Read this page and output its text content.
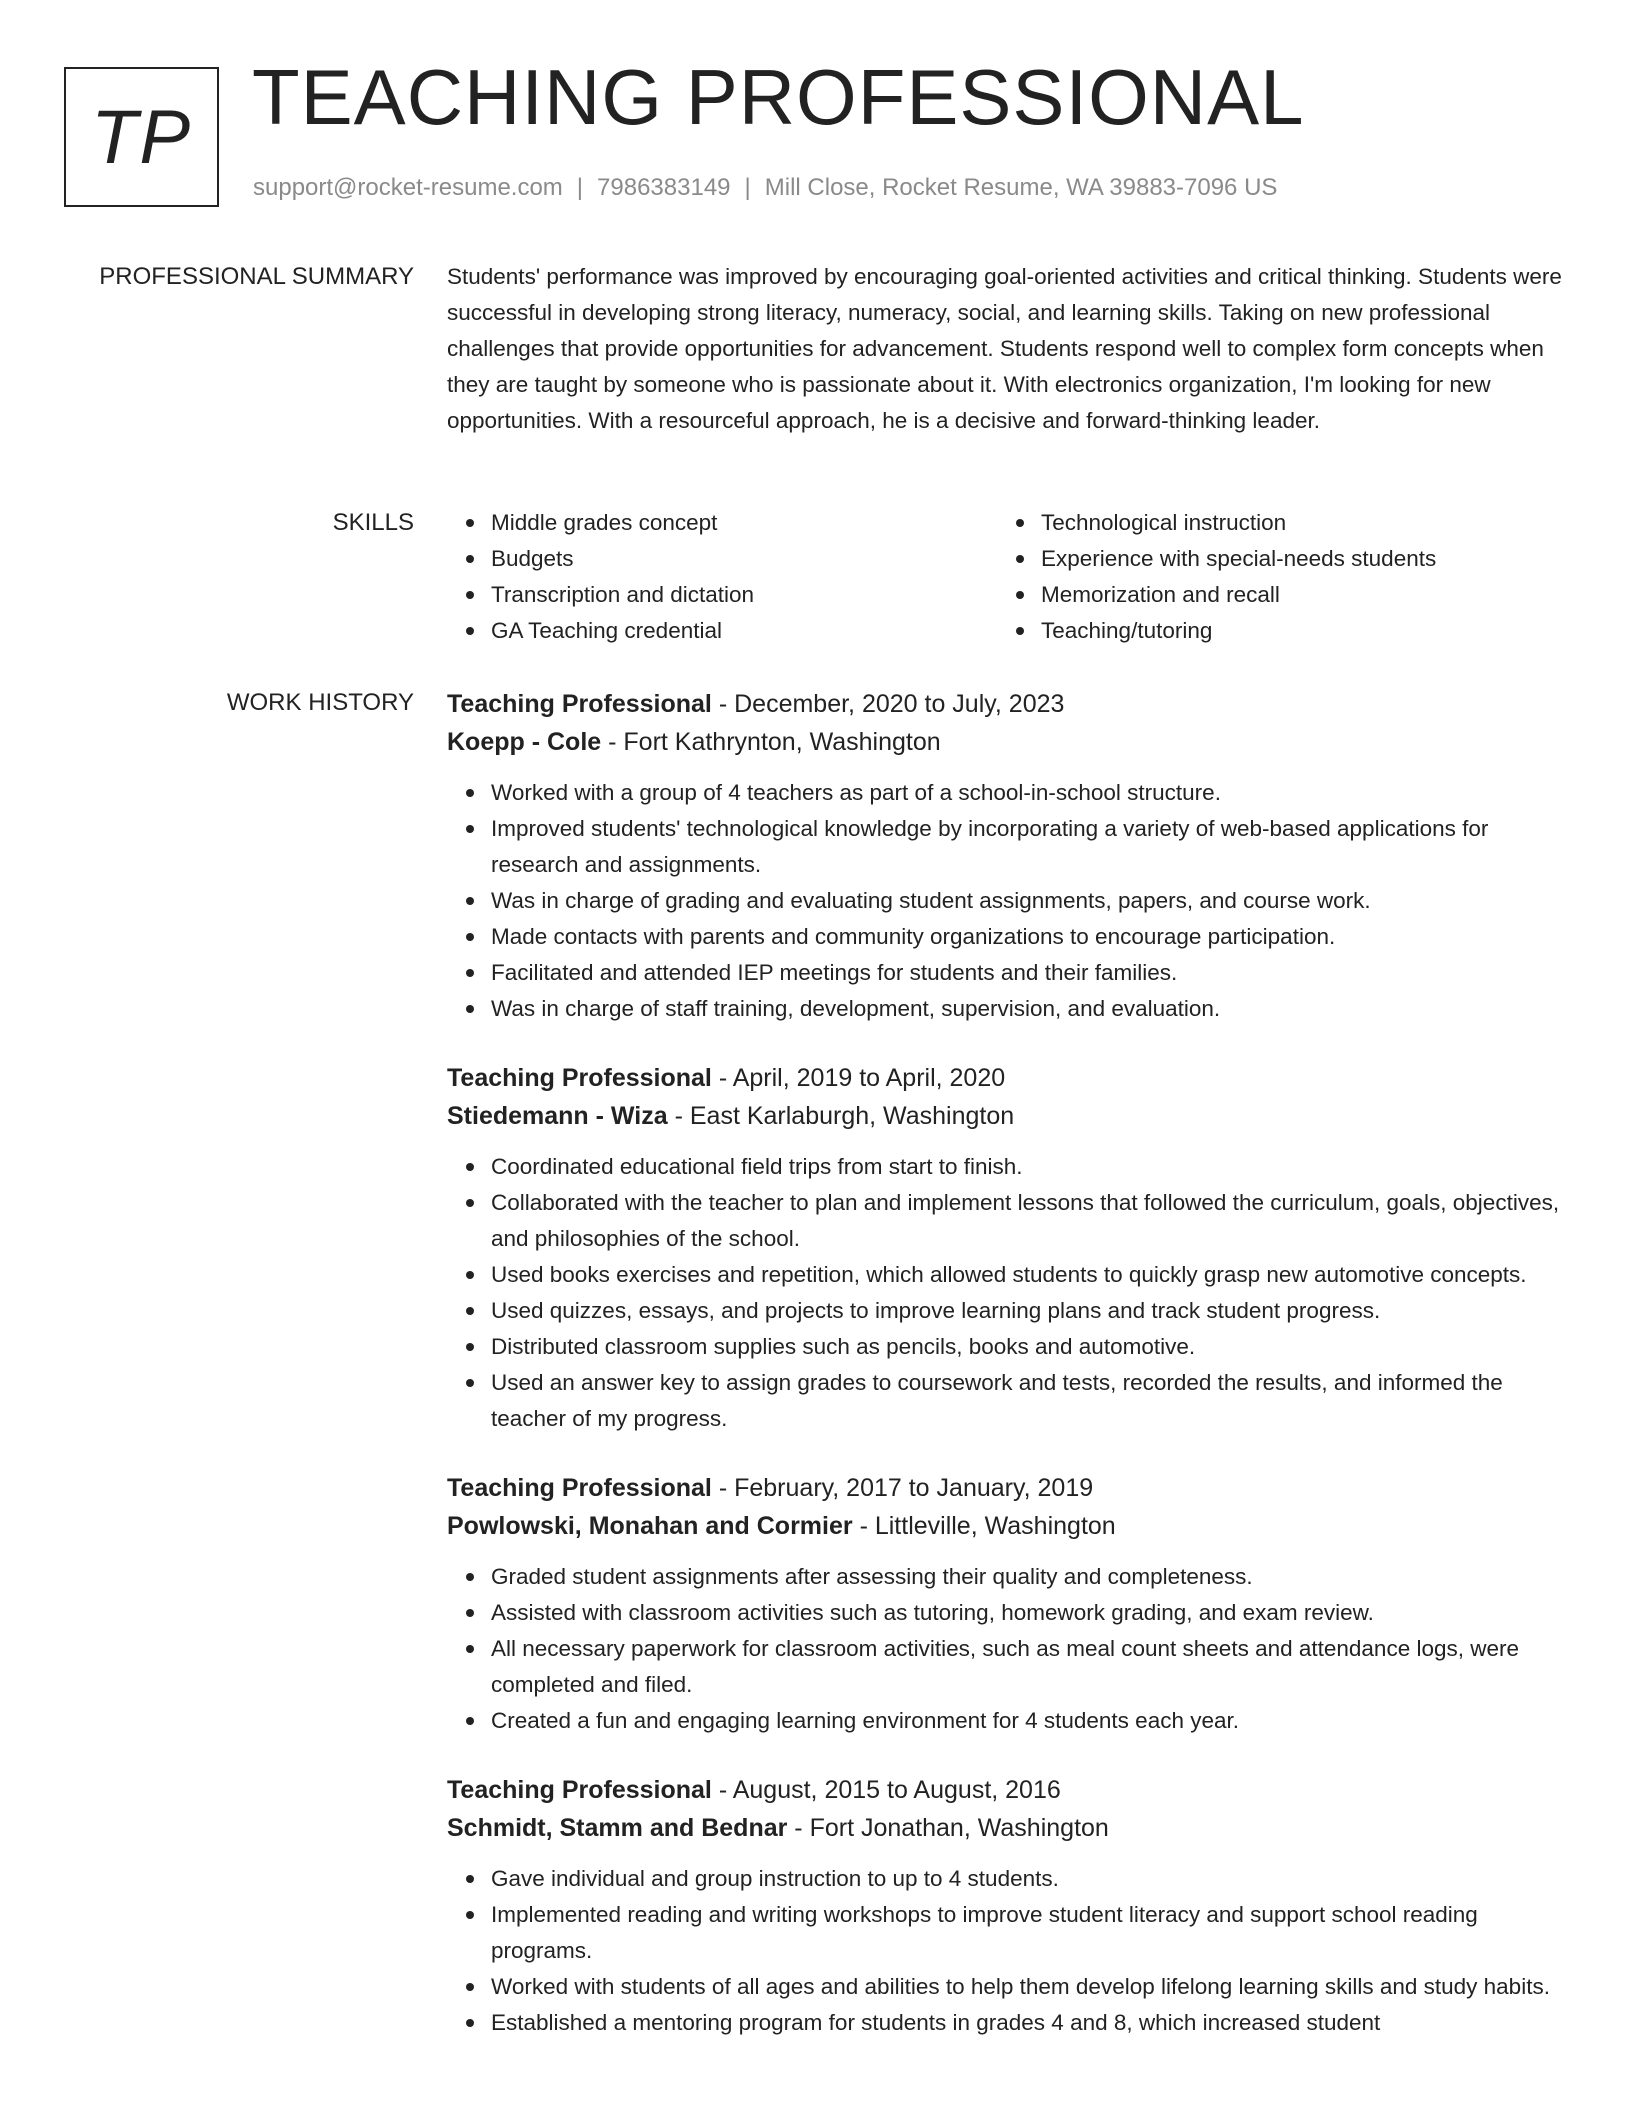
TP TEACHING PROFESSIONAL
support@rocket-resume.com | 7986383149 | Mill Close, Rocket Resume, WA 39883-7096 US
PROFESSIONAL SUMMARY Students' performance was improved by encouraging goal-oriented activities and critical thinking. Students were successful in developing strong literacy, numeracy, social, and learning skills. Taking on new professional challenges that provide opportunities for advancement. Students respond well to complex form concepts when they are taught by someone who is passionate about it. With electronics organization, I'm looking for new opportunities. With a resourceful approach, he is a decisive and forward-thinking leader.
SKILLS	Middle grades concept
Budgets
Transcription and dictation
GA Teaching credential
Technological instruction
Experience with special-needs students
Memorization and recall
Teaching/tutoring
WORK HISTORY Teaching Professional - December, 2020 to July, 2023
Koepp - Cole - Fort Kathrynton, Washington
Worked with a group of 4 teachers as part of a school-in-school structure.
Improved students' technological knowledge by incorporating a variety of web-based applications for research and assignments.
Was in charge of grading and evaluating student assignments, papers, and course work.
Made contacts with parents and community organizations to encourage participation.
Facilitated and attended IEP meetings for students and their families.
Was in charge of staff training, development, supervision, and evaluation.
Teaching Professional - April, 2019 to April, 2020
Stiedemann - Wiza - East Karlaburgh, Washington
Coordinated educational field trips from start to finish.
Collaborated with the teacher to plan and implement lessons that followed the curriculum, goals, objectives, and philosophies of the school.
Used books exercises and repetition, which allowed students to quickly grasp new automotive concepts.
Used quizzes, essays, and projects to improve learning plans and track student progress.
Distributed classroom supplies such as pencils, books and automotive.
Used an answer key to assign grades to coursework and tests, recorded the results, and informed the teacher of my progress.
Teaching Professional - February, 2017 to January, 2019
Powlowski, Monahan and Cormier - Littleville, Washington
Graded student assignments after assessing their quality and completeness.
Assisted with classroom activities such as tutoring, homework grading, and exam review.
All necessary paperwork for classroom activities, such as meal count sheets and attendance logs, were completed and filed.
Created a fun and engaging learning environment for 4 students each year.
Teaching Professional - August, 2015 to August, 2016
Schmidt, Stamm and Bednar - Fort Jonathan, Washington
Gave individual and group instruction to up to 4 students.
Implemented reading and writing workshops to improve student literacy and support school reading programs.
Worked with students of all ages and abilities to help them develop lifelong learning skills and study habits.
Established a mentoring program for students in grades 4 and 8, which increased student
